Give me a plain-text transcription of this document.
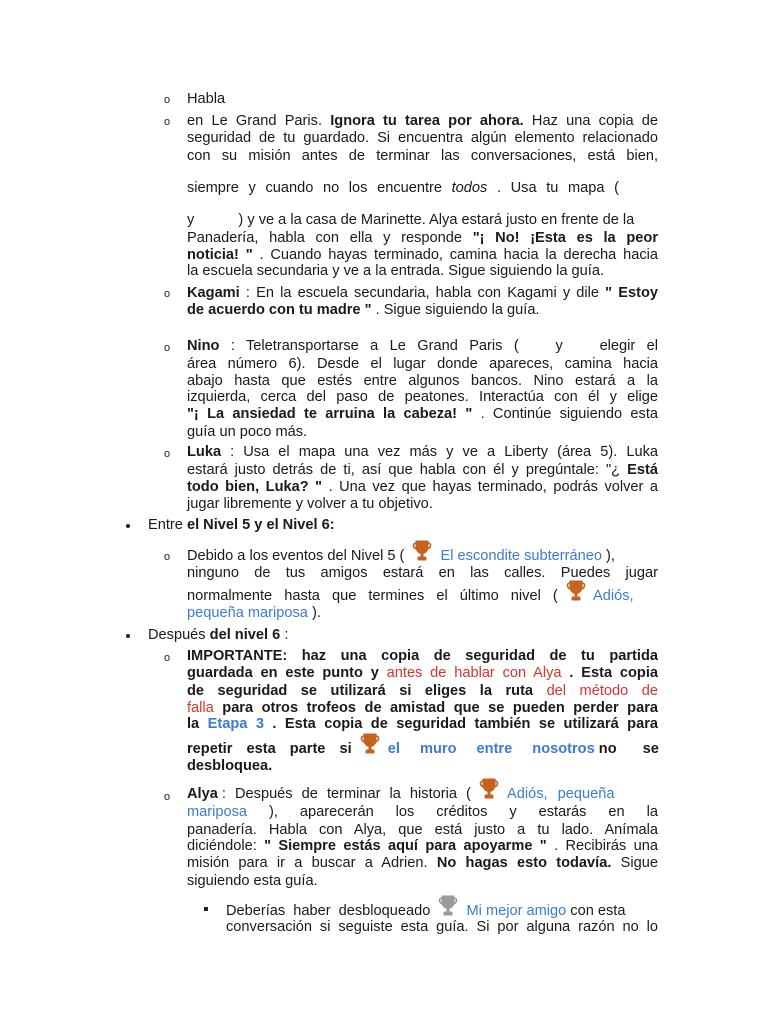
o Habla
o en Le Grand Paris. Ignora tu tarea por ahora. Haz una copia de
seguridad de tu guardado. Si encuentra algún elemento relacionado
con su misión antes de terminar las conversaciones, está bien,
siempre y cuando no los encuentre todos . Usa tu mapa (
y	) y ve a la casa de Marinette. Alya estará justo en frente de la
Panadería, habla con ella y responde "¡ No! ¡Esta es la peor
noticia! " . Cuando hayas terminado, camina hacia la derecha hacia
la escuela secundaria y ve a la entrada. Sigue siguiendo la guía.
o Kagami : En la escuela secundaria, habla con Kagami y dile " Estoy
de acuerdo con tu madre " . Sigue siguiendo la guía.
o Nino : Teletransportarse a Le Grand Paris (	y	elegir el
área número 6). Desde el lugar donde apareces, camina hacia
abajo hasta que estés entre algunos bancos. Nino estará a la
izquierda, cerca del paso de peatones. Interactúa con él y elige
"¡ La ansiedad te arruina la cabeza! " . Continúe siguiendo esta
guía un poco más.
o Luka : Usa el mapa una vez más y ve a Liberty (área 5). Luka
estará justo detrás de ti, así que habla con él y pregúntale: "¿ Está
todo bien, Luka? " . Una vez que hayas terminado, podrás volver a
jugar libremente y volver a tu objetivo.
Entre el Nivel 5 y el Nivel 6:
o Debido a los eventos del Nivel 5 ( El escondite subterráneo ),
ninguno de tus amigos estará en las calles. Puedes jugar
normalmente hasta que termines el último nivel ( Adiós,
pequeña mariposa ).
Después del nivel 6 :
o IMPORTANTE: haz una copia de seguridad de tu partida
guardada en este punto y antes de hablar con Alya . Esta copia
de seguridad se utilizará si eliges la ruta del método de
falla para otros trofeos de amistad que se pueden perder para
la Etapa 3 . Esta copia de seguridad también se utilizará para
repetir esta parte si el muro entre nosotros no se
desbloquea.
o Alya : Después de terminar la historia ( Adiós, pequeña
mariposa ), aparecerán los créditos y estarás en la
panadería. Habla con Alya, que está justo a tu lado. Anímala
diciéndole: " Siempre estás aquí para apoyarme " . Recibirás una
misión para ir a buscar a Adrien. No hagas esto todavía. Sigue
siguiendo esta guía.
Deberías haber desbloqueado Mi mejor amigo con esta
conversación si seguiste esta guía. Si por alguna razón no lo
